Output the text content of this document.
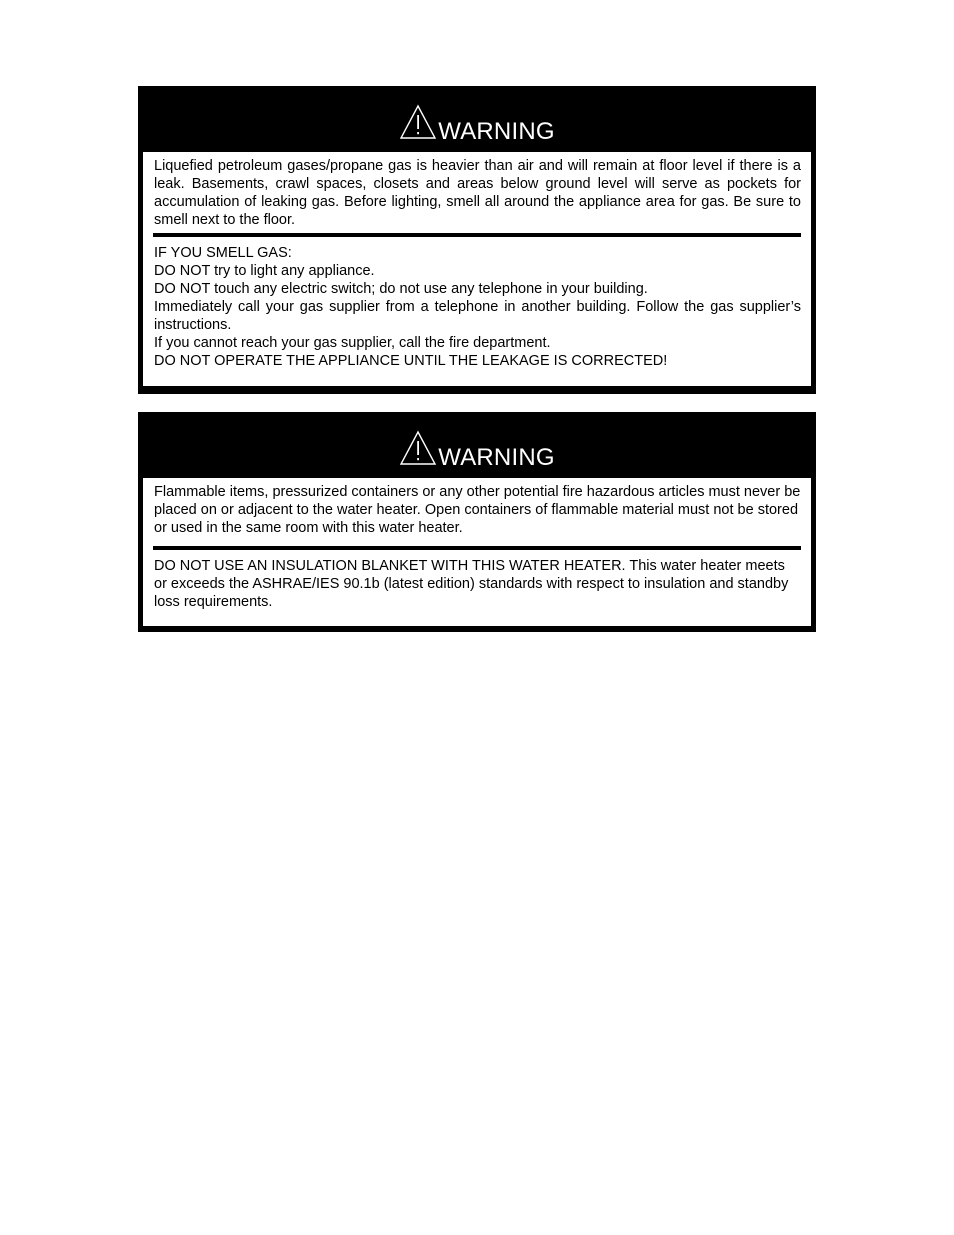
WARNING
Liquefied petroleum gases/propane gas is heavier than air and will remain at floor level if there is a leak. Basements, crawl spaces, closets and areas below ground level will serve as pockets for accumulation of leaking gas. Before lighting, smell all around the appliance area for gas. Be sure to smell next to the floor.
IF YOU SMELL GAS:
DO NOT try to light any appliance.
DO NOT touch any electric switch; do not use any telephone in your building.
Immediately call your gas supplier from a telephone in another building. Follow the gas supplier’s instructions.
If you cannot reach your gas supplier, call the fire department.
DO NOT OPERATE THE APPLIANCE UNTIL THE LEAKAGE IS CORRECTED!
WARNING
Flammable items, pressurized containers or any other potential fire hazardous articles must never be placed on or adjacent to the water heater. Open containers of flammable material must not be stored or used in the same room with this water heater.
DO NOT USE AN INSULATION BLANKET WITH THIS WATER HEATER. This water heater meets or exceeds the ASHRAE/IES 90.1b (latest edition) standards with respect to insulation and standby loss requirements.
